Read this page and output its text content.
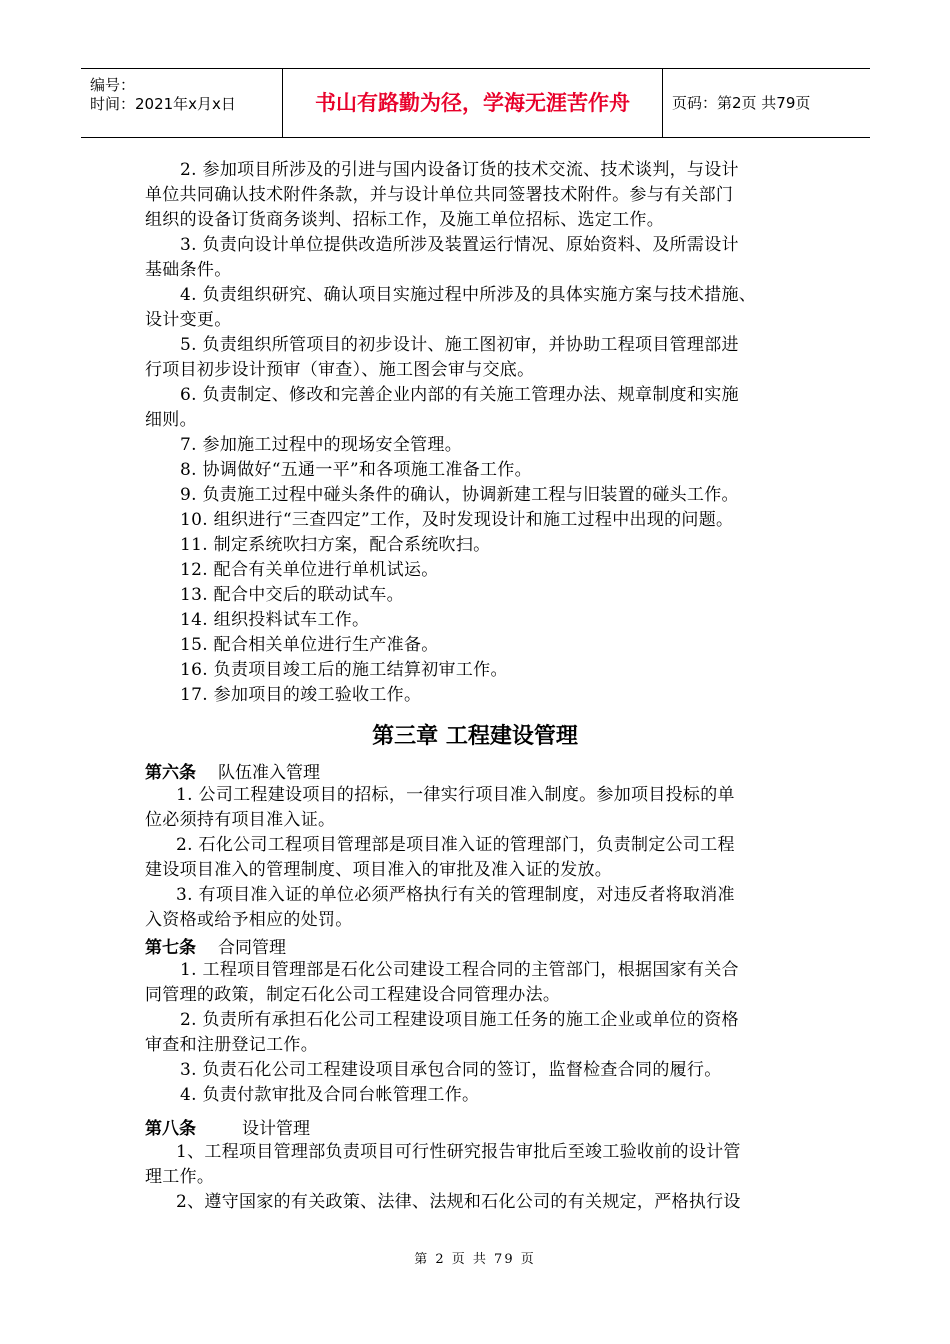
编号：
时间：2021年x月x日	书山有路勤为径，学海无涯苦作舟	页码：第2页 共79页
2. 参加项目所涉及的引进与国内设备订货的技术交流、技术谈判，与设计
单位共同确认技术附件条款，并与设计单位共同签署技术附件。参与有关部门
组织的设备订货商务谈判、招标工作，及施工单位招标、选定工作。
3. 负责向设计单位提供改造所涉及装置运行情况、原始资料、及所需设计
基础条件。
4. 负责组织研究、确认项目实施过程中所涉及的具体实施方案与技术措施、
设计变更。
5. 负责组织所管项目的初步设计、施工图初审，并协助工程项目管理部进
行项目初步设计预审（审查）、施工图会审与交底。
6. 负责制定、修改和完善企业内部的有关施工管理办法、规章制度和实施
细则。
7. 参加施工过程中的现场安全管理。
8. 协调做好“五通一平”和各项施工准备工作。
9. 负责施工过程中碰头条件的确认，协调新建工程与旧装置的碰头工作。
10. 组织进行“三查四定”工作，及时发现设计和施工过程中出现的问题。
11. 制定系统吹扫方案，配合系统吹扫。
12. 配合有关单位进行单机试运。
13. 配合中交后的联动试车。
14. 组织投料试车工作。
15. 配合相关单位进行生产准备。
16. 负责项目竣工后的施工结算初审工作。
17. 参加项目的竣工验收工作。
第三章 工程建设管理
第六条 队伍准入管理
1. 公司工程建设项目的招标，一律实行项目准入制度。参加项目投标的单
位必须持有项目准入证。
2. 石化公司工程项目管理部是项目准入证的管理部门，负责制定公司工程
建设项目准入的管理制度、项目准入的审批及准入证的发放。
3. 有项目准入证的单位必须严格执行有关的管理制度，对违反者将取消准
入资格或给予相应的处罚。
第七条 合同管理
1. 工程项目管理部是石化公司建设工程合同的主管部门，根据国家有关合
同管理的政策，制定石化公司工程建设合同管理办法。
2. 负责所有承担石化公司工程建设项目施工任务的施工企业或单位的资格
审查和注册登记工作。
3. 负责石化公司工程建设项目承包合同的签订，监督检查合同的履行。
4. 负责付款审批及合同台帐管理工作。
第八条	设计管理
1、工程项目管理部负责项目可行性研究报告审批后至竣工验收前的设计管
理工作。
2、遵守国家的有关政策、法律、法规和石化公司的有关规定，严格执行设
第 2 页 共 79 页
